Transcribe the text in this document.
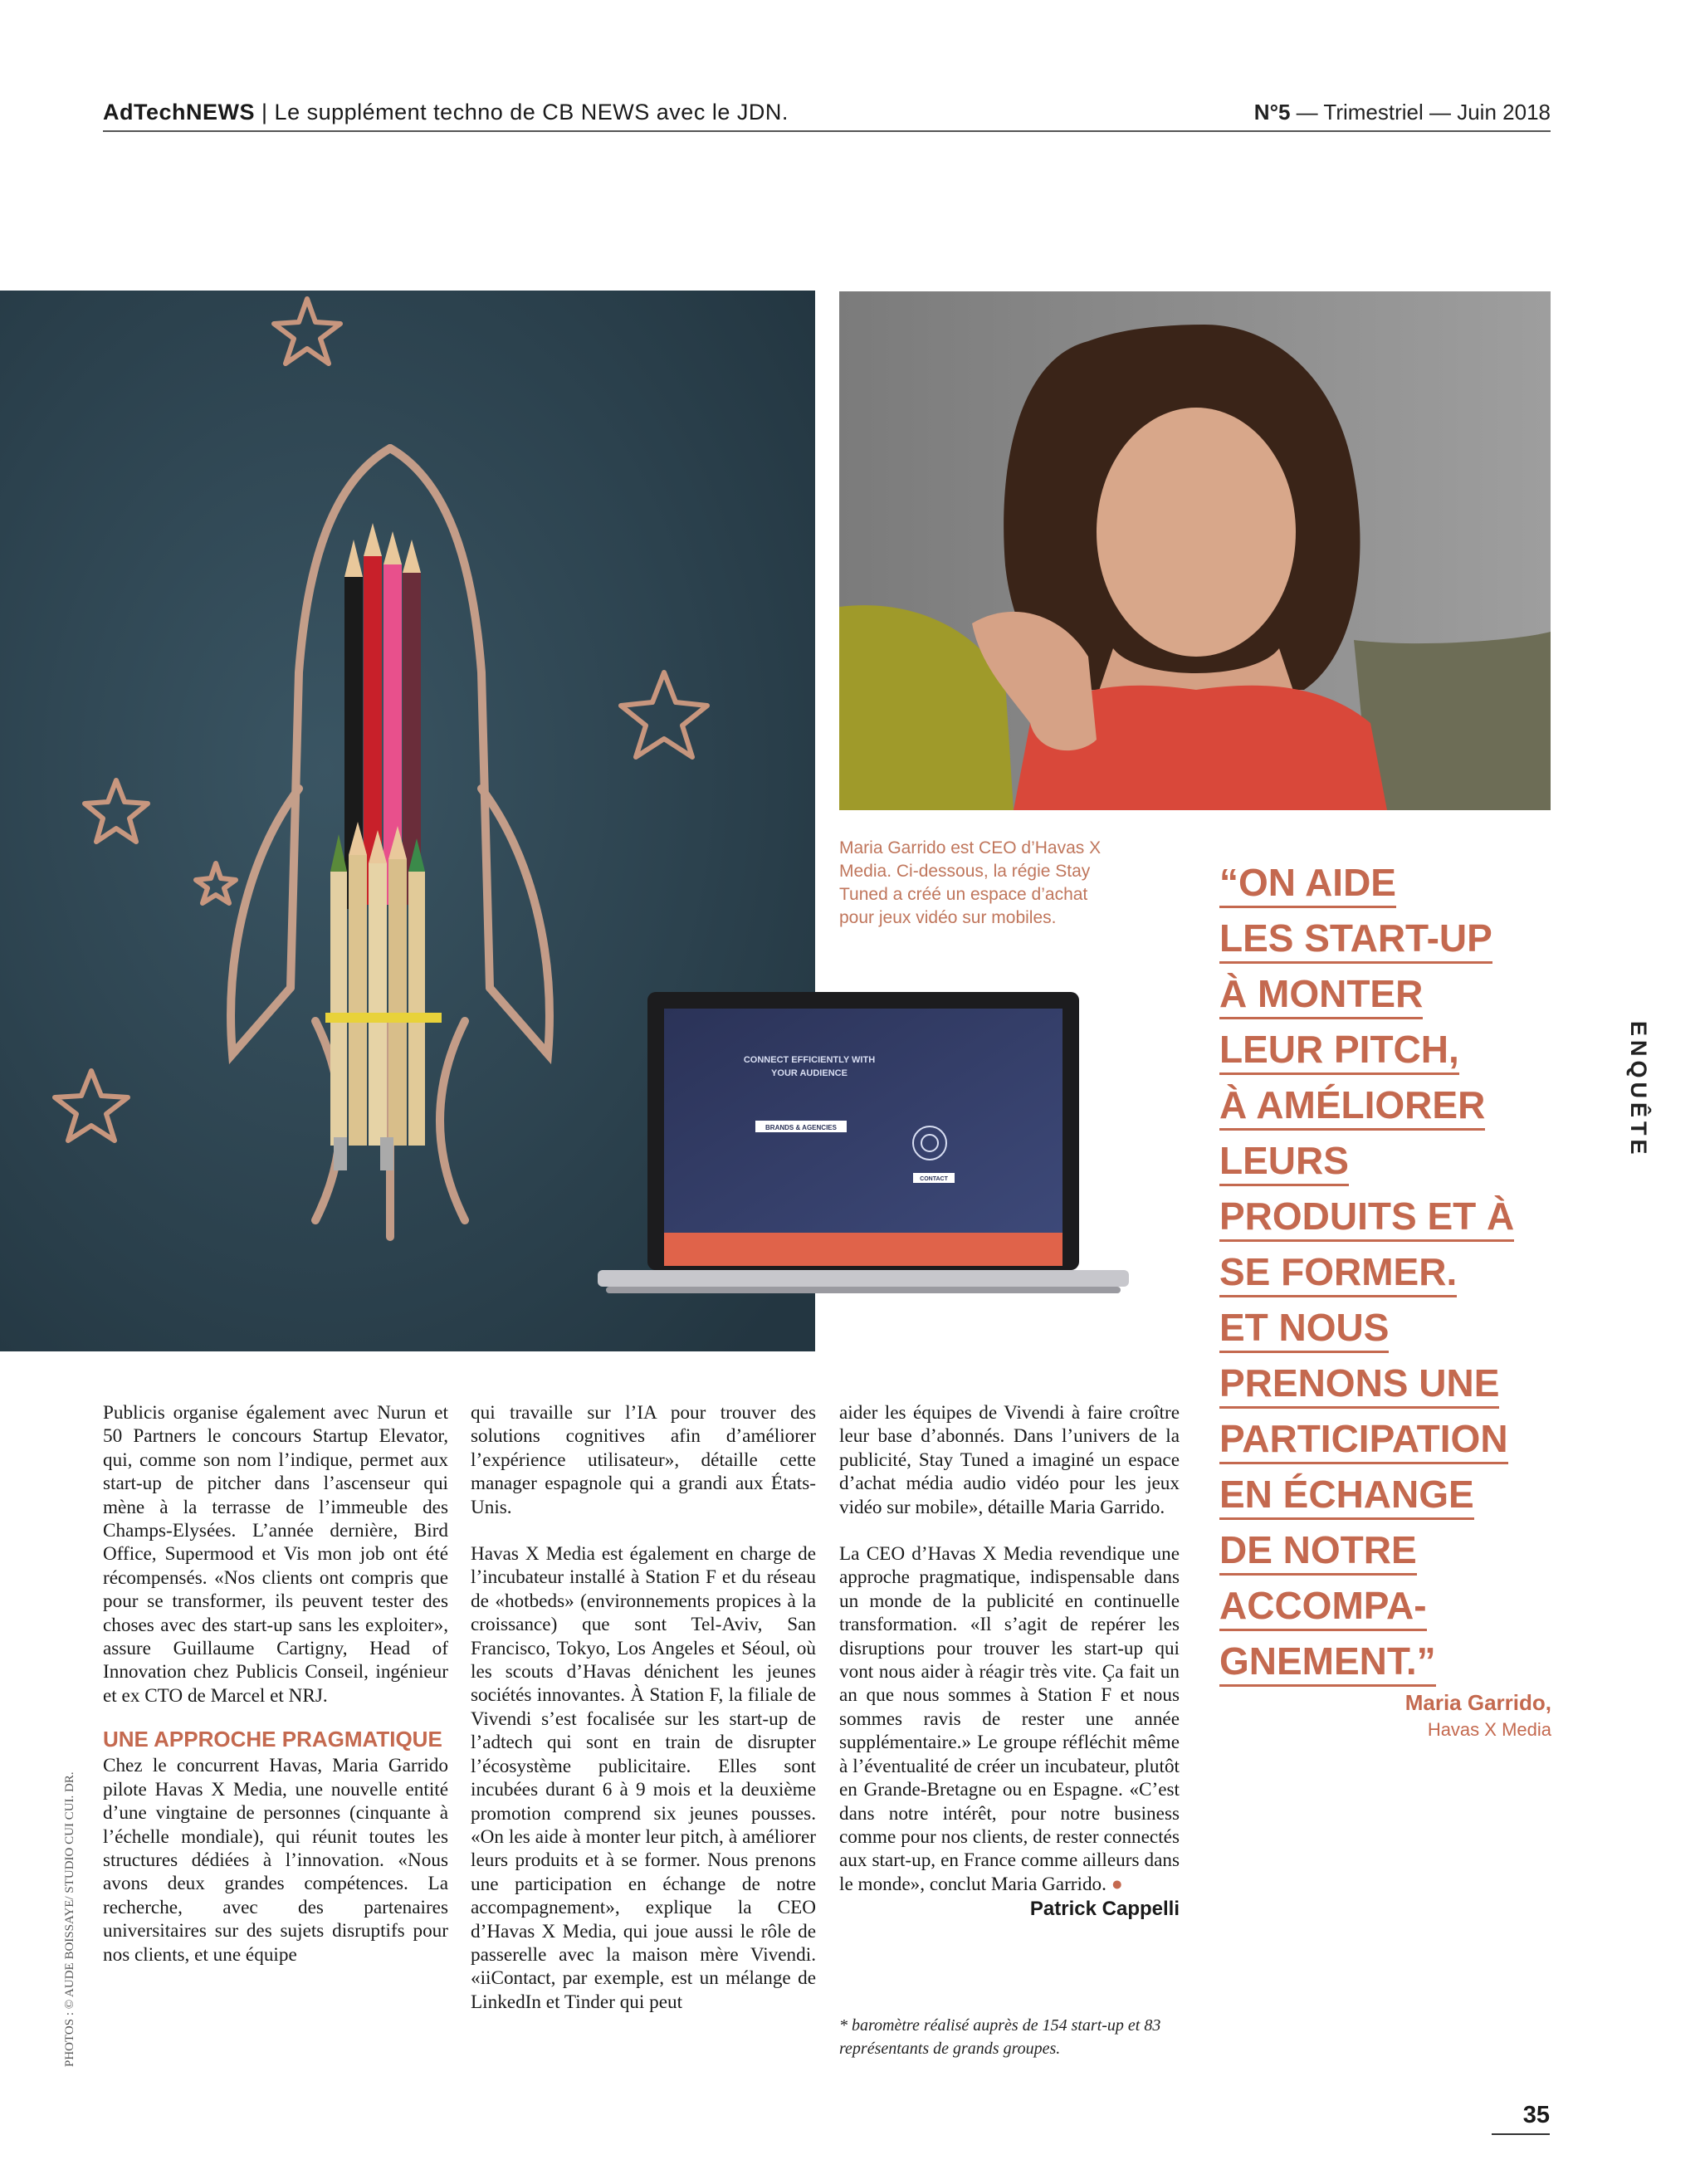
AdTechNEWS | Le supplément techno de CB NEWS avec le JDN.	N°5 — Trimestriel — Juin 2018
CONNECT EFFICIENTLY WITH
YOUR AUDIENCE
BRANDS & AGENCIES
CONTACT
Maria Garrido est CEO d’Havas X Media. Ci-dessous, la régie Stay Tuned a créé un espace d’achat pour jeux vidéo sur mobiles.
“ON AIDE
LES START-UP
À MONTER
LEUR PITCH,
À AMÉLIORER
LEURS
PRODUITS ET À
SE FORMER.
ET NOUS
PRENONS UNE
PARTICIPATION
EN ÉCHANGE
DE NOTRE
ACCOMPA-
GNEMENT.”
Maria Garrido,
Havas X Media
ENQUÊTE

Publicis organise également avec Nurun et 50 Partners le concours Startup Elevator, qui, comme son nom l’indique, permet aux start-up de pitcher dans l’ascenseur qui mène à la terrasse de l’immeuble des Champs-Elysées. L’année dernière, Bird Office, Supermood et Vis mon job ont été récompensés. «Nos clients ont compris que pour se transformer, ils peuvent tester des choses avec des start-up sans les exploiter», assure Guillaume Cartigny, Head of Innovation chez Publicis Conseil, ingénieur et ex CTO de Marcel et NRJ.

UNE APPROCHE PRAGMATIQUE

Chez le concurrent Havas, Maria Garrido pilote Havas X Media, une nouvelle entité d’une vingtaine de personnes (cinquante à l’échelle mondiale), qui réunit toutes les structures dédiées à l’innovation. «Nous avons deux grandes compétences. La recherche, avec des partenaires universitaires sur des sujets disruptifs pour nos clients, et une équipe

qui travaille sur l’IA pour trouver des solutions cognitives afin d’améliorer l’expérience utilisateur», détaille cette manager espagnole qui a grandi aux États-Unis.

Havas X Media est également en charge de l’incubateur installé à Station F et du réseau de «hotbeds» (environnements propices à la croissance) que sont Tel-Aviv, San Francisco, Tokyo, Los Angeles et Séoul, où les scouts d’Havas dénichent les jeunes sociétés innovantes. À Station F, la filiale de Vivendi s’est focalisée sur les start-up de l’adtech qui sont en train de disrupter l’écosystème publicitaire. Elles sont incubées durant 6 à 9 mois et la deuxième promotion comprend six jeunes pousses. «On les aide à monter leur pitch, à améliorer leurs produits et à se former. Nous prenons une participation en échange de notre accompagnement», explique la CEO d’Havas X Media, qui joue aussi le rôle de passerelle avec la maison mère Vivendi. «iiContact, par exemple, est un mélange de LinkedIn et Tinder qui peut

aider les équipes de Vivendi à faire croître leur base d’abonnés. Dans l’univers de la publicité, Stay Tuned a imaginé un espace d’achat média audio vidéo pour les jeux vidéo sur mobile», détaille Maria Garrido.

La CEO d’Havas X Media revendique une approche pragmatique, indispensable dans un monde de la publicité en continuelle transformation. «Il s’agit de repérer les disruptions pour trouver les start-up qui vont nous aider à réagir très vite. Ça fait un an que nous sommes à Station F et nous sommes ravis de rester une année supplémentaire.» Le groupe réfléchit même à l’éventualité de créer un incubateur, plutôt en Grande-Bretagne ou en Espagne. «C’est dans notre intérêt, pour notre business comme pour nos clients, de rester connectés aux start-up, en France comme ailleurs dans le monde», conclut Maria Garrido. ●

Patrick Cappelli
* baromètre réalisé auprès de 154 start-up et 83 représentants de grands groupes.
PHOTOS : © AUDE BOISSAYE/ STUDIO CUI CUI. DR.
35
